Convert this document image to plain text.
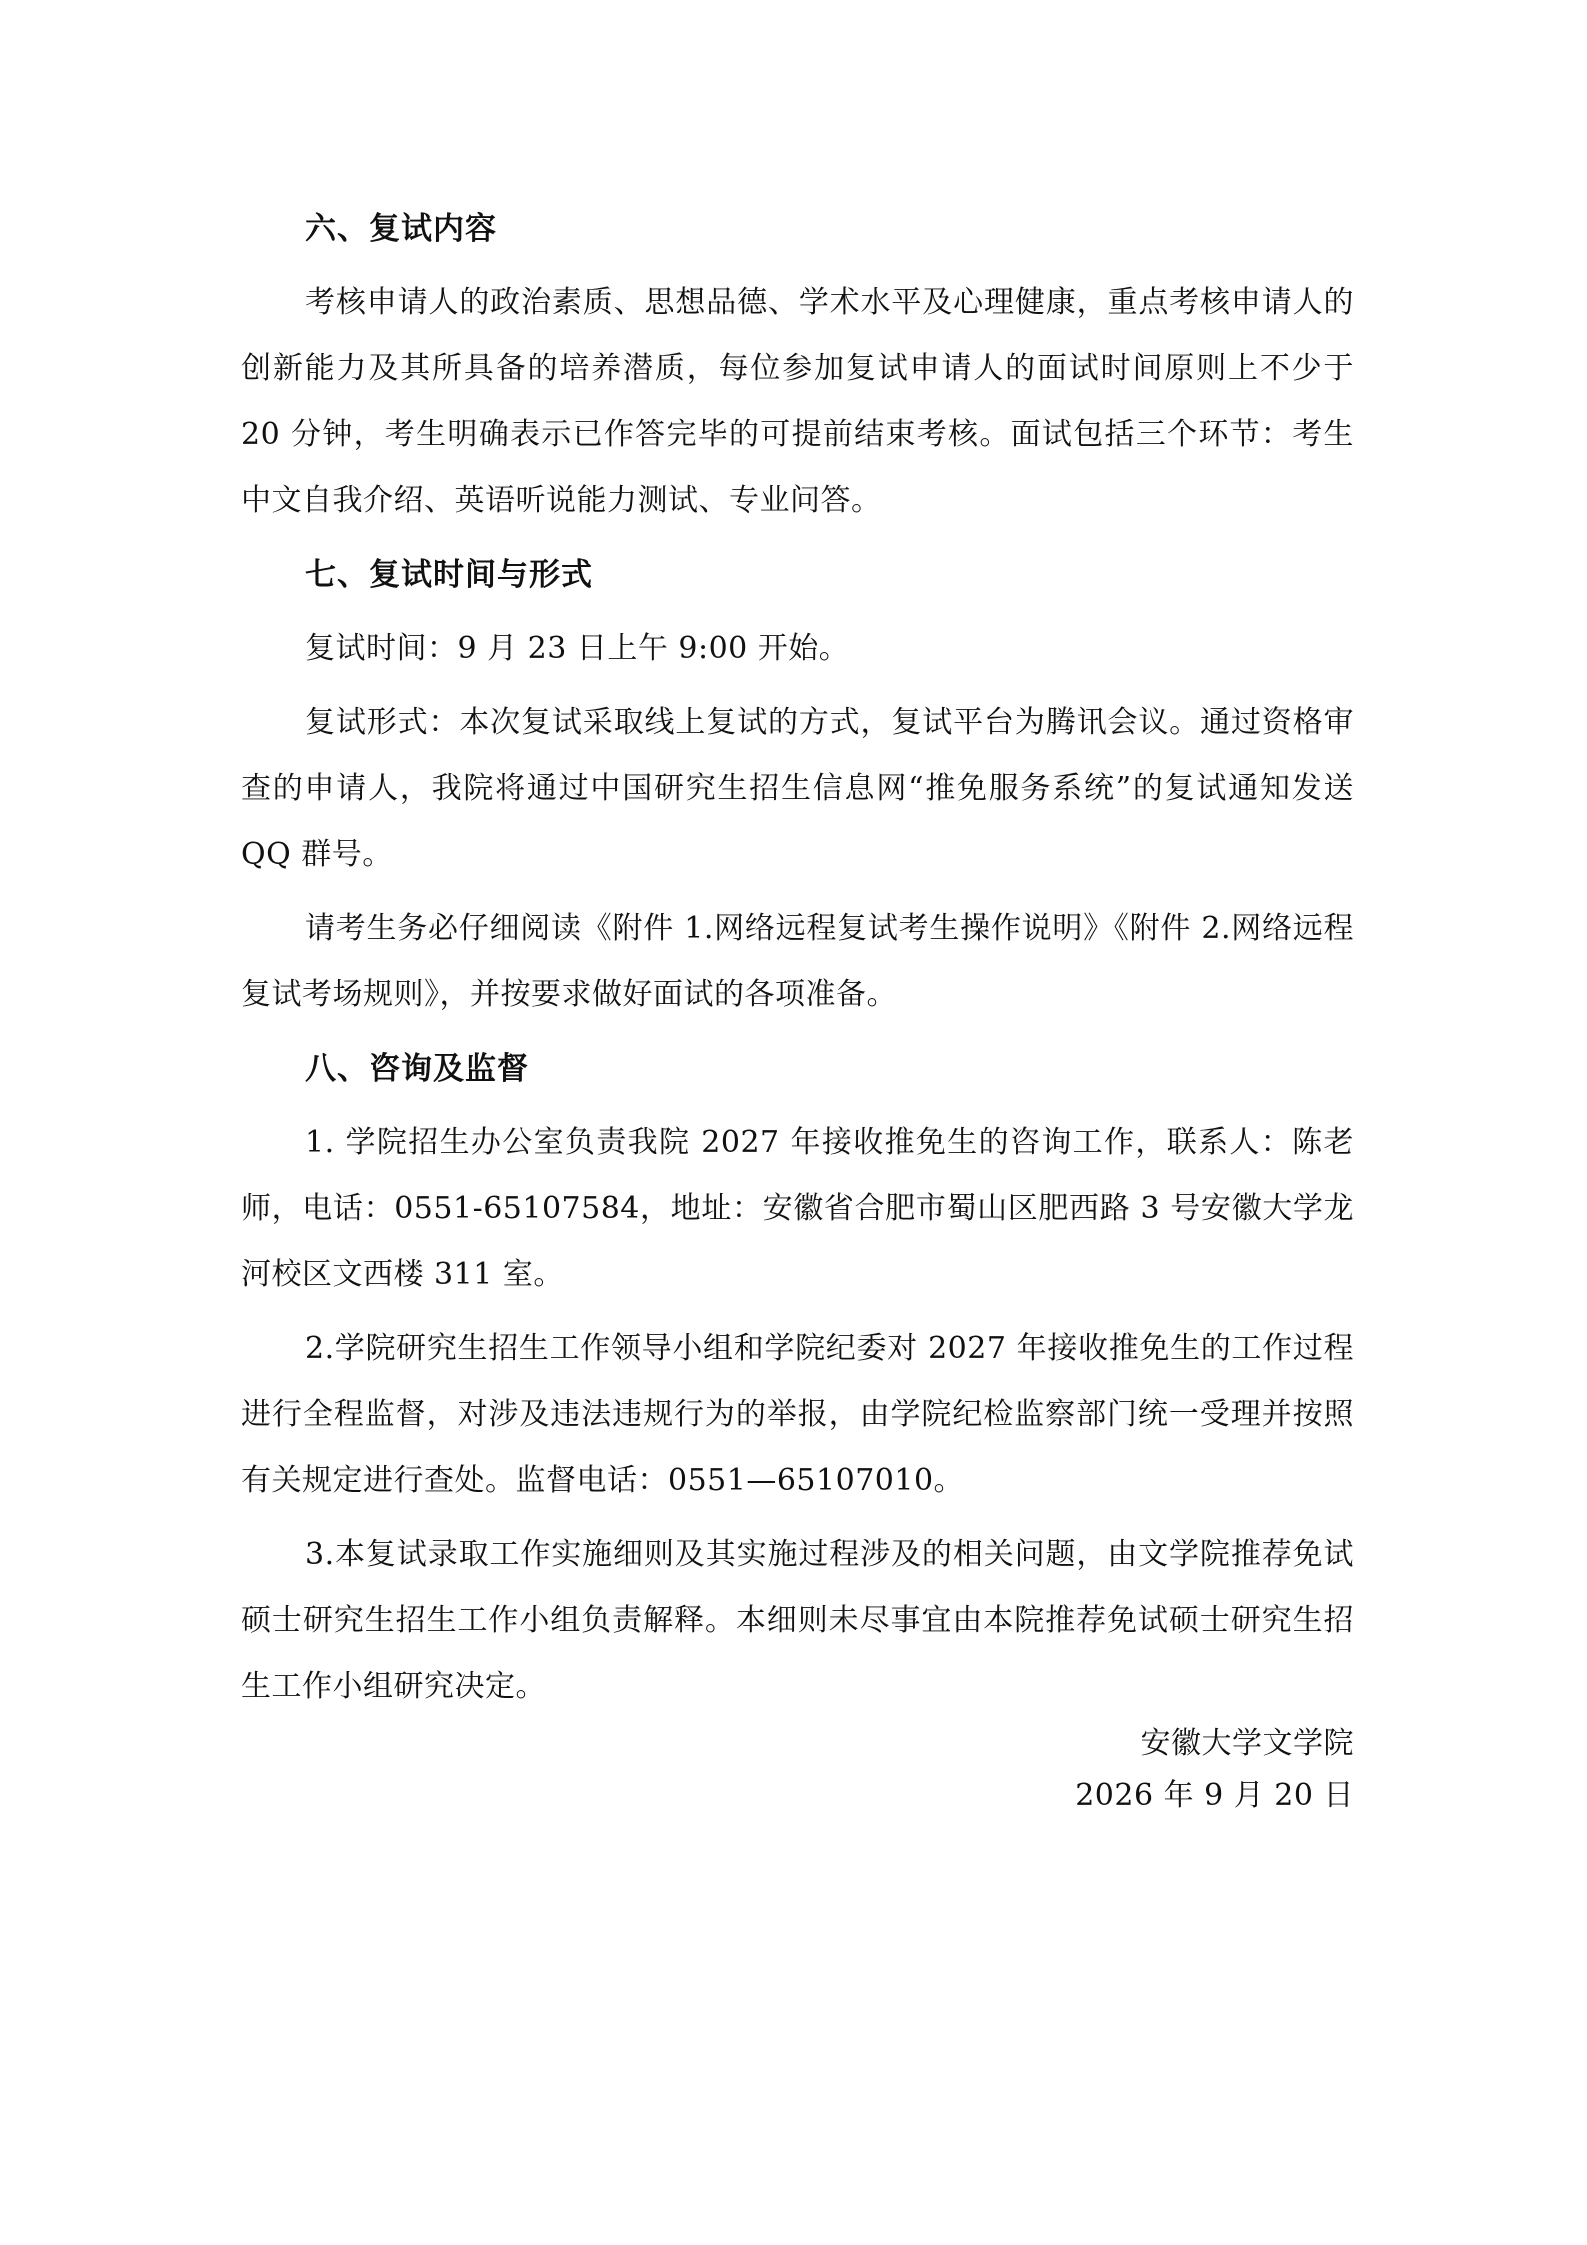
六、复试内容

考核申请人的政治素质、思想品德、学术水平及心理健康，重点考核申请人的创新能力及其所具备的培养潜质，每位参加复试申请人的面试时间原则上不少于 20 分钟，考生明确表示已作答完毕的可提前结束考核。面试包括三个环节：考生中文自我介绍、英语听说能力测试、专业问答。

七、复试时间与形式

复试时间：9 月 23 日上午 9:00 开始。

复试形式：本次复试采取线上复试的方式，复试平台为腾讯会议。通过资格审查的申请人，我院将通过中国研究生招生信息网“推免服务系统”的复试通知发送 QQ 群号。

请考生务必仔细阅读《附件 1.网络远程复试考生操作说明》《附件 2.网络远程复试考场规则》，并按要求做好面试的各项准备。

八、咨询及监督

1. 学院招生办公室负责我院 2027 年接收推免生的咨询工作，联系人：陈老师，电话：0551-65107584，地址：安徽省合肥市蜀山区肥西路 3 号安徽大学龙河校区文西楼 311 室。

2.学院研究生招生工作领导小组和学院纪委对 2027 年接收推免生的工作过程进行全程监督，对涉及违法违规行为的举报，由学院纪检监察部门统一受理并按照有关规定进行查处。监督电话：0551—65107010。

3.本复试录取工作实施细则及其实施过程涉及的相关问题，由文学院推荐免试硕士研究生招生工作小组负责解释。本细则未尽事宜由本院推荐免试硕士研究生招生工作小组研究决定。

安徽大学文学院
2026 年 9 月 20 日
